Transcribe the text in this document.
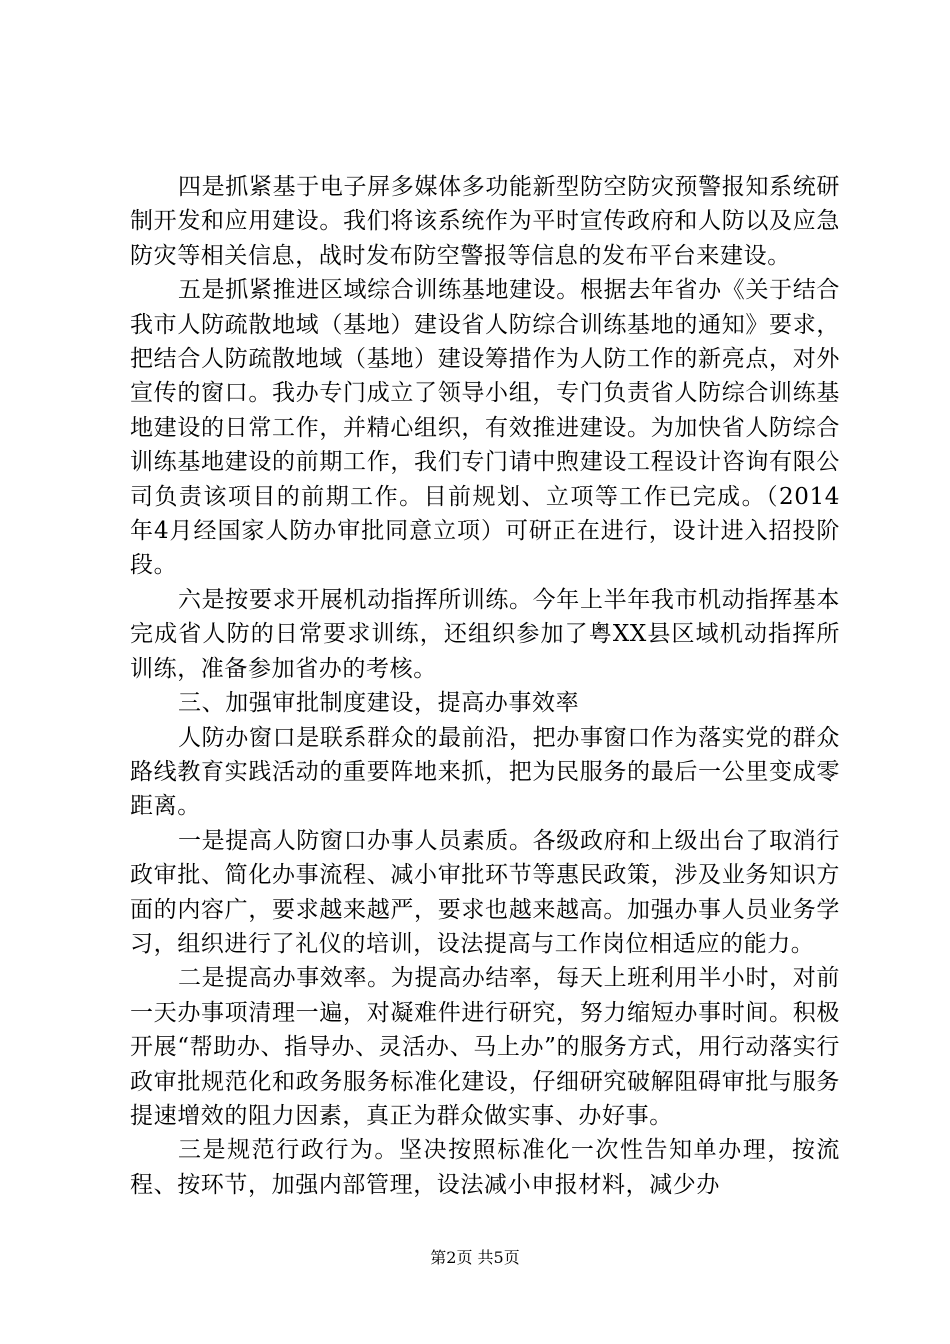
四是抓紧基于电子屏多媒体多功能新型防空防灾预警报知系统研制开发和应用建设。我们将该系统作为平时宣传政府和人防以及应急防灾等相关信息，战时发布防空警报等信息的发布平台来建设。

五是抓紧推进区域综合训练基地建设。根据去年省办《关于结合我市人防疏散地域（基地）建设省人防综合训练基地的通知》要求，把结合人防疏散地域（基地）建设筹措作为人防工作的新亮点，对外宣传的窗口。我办专门成立了领导小组，专门负责省人防综合训练基地建设的日常工作，并精心组织，有效推进建设。为加快省人防综合训练基地建设的前期工作，我们专门请中煦建设工程设计咨询有限公司负责该项目的前期工作。目前规划、立项等工作已完成。（2014年4月经国家人防办审批同意立项）可研正在进行，设计进入招投阶段。

六是按要求开展机动指挥所训练。今年上半年我市机动指挥基本完成省人防的日常要求训练，还组织参加了粤XX县区域机动指挥所训练，准备参加省办的考核。

三、加强审批制度建设，提高办事效率

人防办窗口是联系群众的最前沿，把办事窗口作为落实党的群众路线教育实践活动的重要阵地来抓，把为民服务的最后一公里变成零距离。

一是提高人防窗口办事人员素质。各级政府和上级出台了取消行政审批、简化办事流程、减小审批环节等惠民政策，涉及业务知识方面的内容广，要求越来越严，要求也越来越高。加强办事人员业务学习，组织进行了礼仪的培训，设法提高与工作岗位相适应的能力。

二是提高办事效率。为提高办结率，每天上班利用半小时，对前一天办事项清理一遍，对凝难件进行研究，努力缩短办事时间。积极开展“帮助办、指导办、灵活办、马上办”的服务方式，用行动落实行政审批规范化和政务服务标准化建设，仔细研究破解阻碍审批与服务提速增效的阻力因素，真正为群众做实事、办好事。

三是规范行政行为。坚决按照标准化一次性告知单办理，按流程、按环节，加强内部管理，设法减小申报材料，减少办

第2页 共5页
